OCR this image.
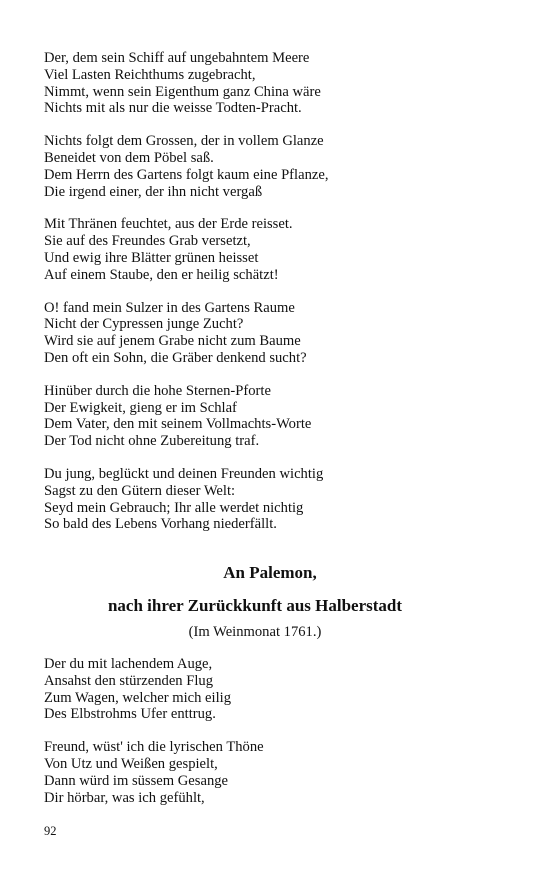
Der, dem sein Schiff auf ungebahntem Meere
Viel Lasten Reichthums zugebracht,
Nimmt, wenn sein Eigenthum ganz China wäre
Nichts mit als nur die weisse Todten-Pracht.
Nichts folgt dem Grossen, der in vollem Glanze
Beneidet von dem Pöbel saß.
Dem Herrn des Gartens folgt kaum eine Pflanze,
Die irgend einer, der ihn nicht vergaß
Mit Thränen feuchtet, aus der Erde reisset.
Sie auf des Freundes Grab versetzt,
Und ewig ihre Blätter grünen heisset
Auf einem Staube, den er heilig schätzt!
O! fand mein Sulzer in des Gartens Raume
Nicht der Cypressen junge Zucht?
Wird sie auf jenem Grabe nicht zum Baume
Den oft ein Sohn, die Gräber denkend sucht?
Hinüber durch die hohe Sternen-Pforte
Der Ewigkeit, gieng er im Schlaf
Dem Vater, den mit seinem Vollmachts-Worte
Der Tod nicht ohne Zubereitung traf.
Du jung, beglückt und deinen Freunden wichtig
Sagst zu den Gütern dieser Welt:
Seyd mein Gebrauch; Ihr alle werdet nichtig
So bald des Lebens Vorhang niederfällt.
An Palemon,
nach ihrer Zurückkunft aus Halberstadt
(Im Weinmonat 1761.)
Der du mit lachendem Auge,
Ansahst den stürzenden Flug
Zum Wagen, welcher mich eilig
Des Elbstrohms Ufer enttrug.
Freund, wüst' ich die lyrischen Thöne
Von Utz und Weißen gespielt,
Dann würd im süssem Gesange
Dir hörbar, was ich gefühlt,
92
